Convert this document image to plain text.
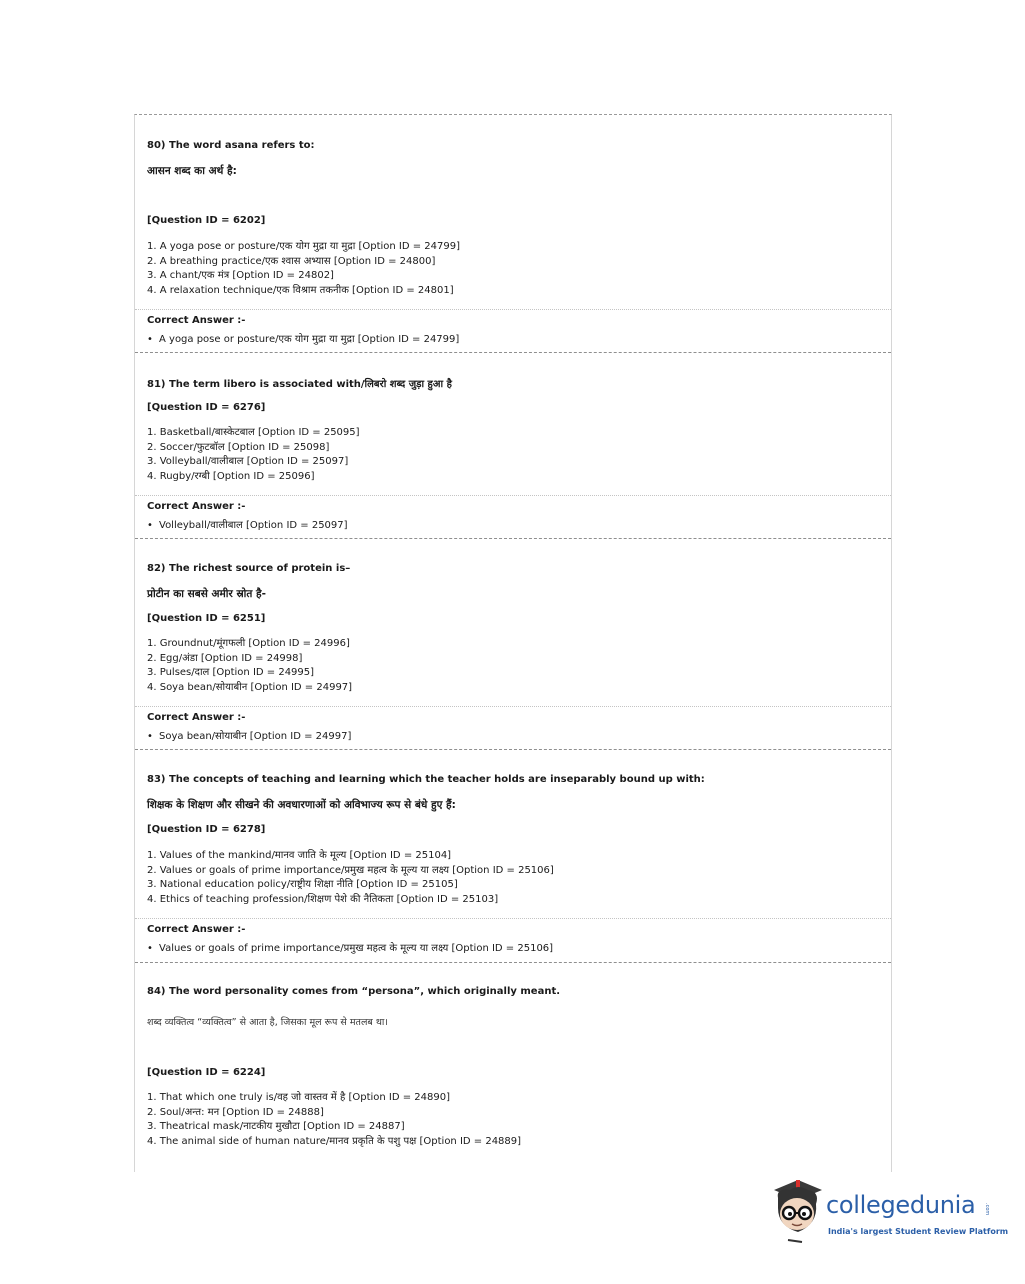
80) The word asana refers to:
आसन शब्द का अर्थ है:
[Question ID = 6202]
1. A yoga pose or posture/एक योग मुद्रा या मुद्रा [Option ID = 24799]
2. A breathing practice/एक श्वास अभ्यास [Option ID = 24800]
3. A chant/एक मंत्र [Option ID = 24802]
4. A relaxation technique/एक विश्राम तकनीक [Option ID = 24801]
Correct Answer :-
• A yoga pose or posture/एक योग मुद्रा या मुद्रा [Option ID = 24799]
81) The term libero is associated with/लिबरो शब्द जुड़ा हुआ है
[Question ID = 6276]
1. Basketball/बास्केटबाल [Option ID = 25095]
2. Soccer/फुटबॉल [Option ID = 25098]
3. Volleyball/वालीबाल [Option ID = 25097]
4. Rugby/रग्बी [Option ID = 25096]
Correct Answer :-
• Volleyball/वालीबाल [Option ID = 25097]
82) The richest source of protein is–
प्रोटीन का सबसे अमीर स्रोत है-
[Question ID = 6251]
1. Groundnut/मूंगफली [Option ID = 24996]
2. Egg/अंडा [Option ID = 24998]
3. Pulses/दाल [Option ID = 24995]
4. Soya bean/सोयाबीन [Option ID = 24997]
Correct Answer :-
• Soya bean/सोयाबीन [Option ID = 24997]
83) The concepts of teaching and learning which the teacher holds are inseparably bound up with:
शिक्षक के शिक्षण और सीखने की अवधारणाओं को अविभाज्य रूप से बंधे हुए हैं:
[Question ID = 6278]
1. Values of the mankind/मानव जाति के मूल्य [Option ID = 25104]
2. Values or goals of prime importance/प्रमुख महत्व के मूल्य या लक्ष्य [Option ID = 25106]
3. National education policy/राष्ट्रीय शिक्षा नीति [Option ID = 25105]
4. Ethics of teaching profession/शिक्षण पेशे की नैतिकता [Option ID = 25103]
Correct Answer :-
• Values or goals of prime importance/प्रमुख महत्व के मूल्य या लक्ष्य [Option ID = 25106]
84) The word personality comes from “persona”, which originally meant.
शब्द व्यक्तित्व “व्यक्तित्व” से आता है, जिसका मूल रूप से मतलब था।
[Question ID = 6224]
1. That which one truly is/वह जो वास्तव में है [Option ID = 24890]
2. Soul/अन्त: मन [Option ID = 24888]
3. Theatrical mask/नाटकीय मुखौटा [Option ID = 24887]
4. The animal side of human nature/मानव प्रकृति के पशु पक्ष [Option ID = 24889]
collegedunia .com
India's largest Student Review Platform
